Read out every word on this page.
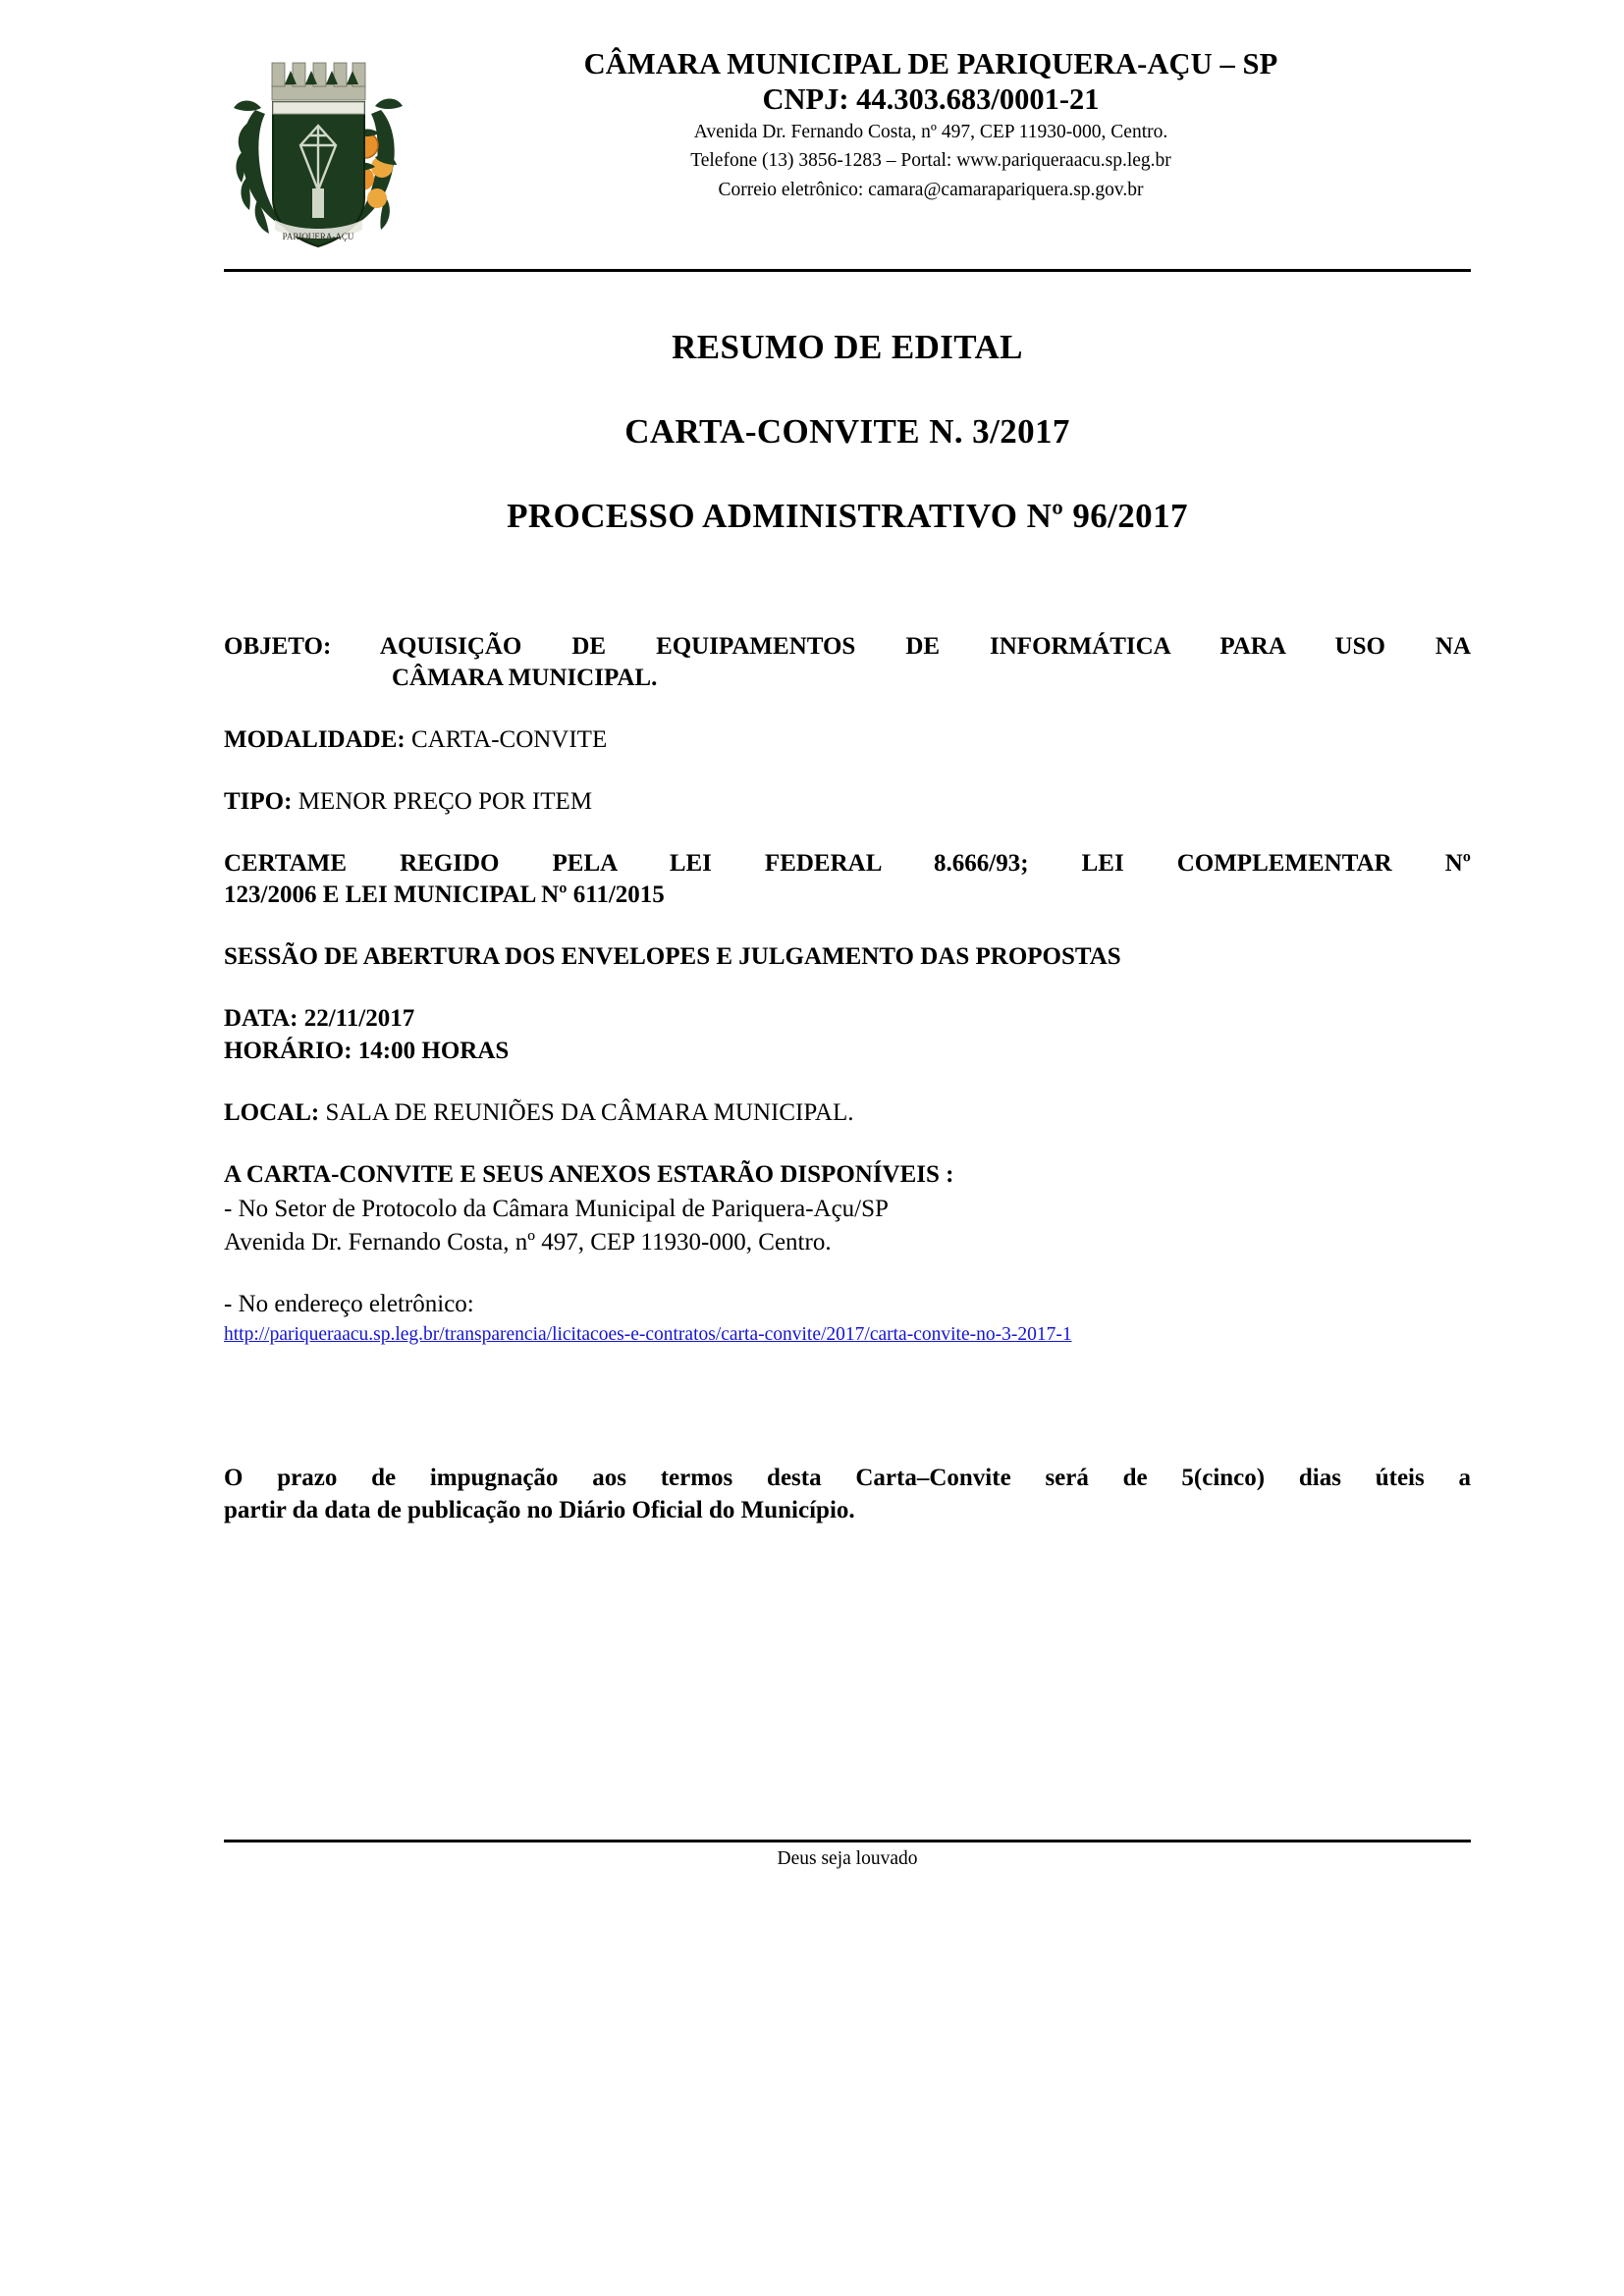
PARIQUERA-AÇU
CÂMARA MUNICIPAL DE PARIQUERA-AÇU – SP
CNPJ: 44.303.683/0001-21
Avenida Dr. Fernando Costa, nº 497, CEP 11930-000, Centro.
Telefone (13) 3856-1283 – Portal: www.pariqueraacu.sp.leg.br
Correio eletrônico: camara@camarapariquera.sp.gov.br
RESUMO DE EDITAL
CARTA-CONVITE N. 3/2017
PROCESSO ADMINISTRATIVO Nº 96/2017
OBJETO: AQUISIÇÃO DE EQUIPAMENTOS DE INFORMÁTICA PARA USO NA
CÂMARA MUNICIPAL.
MODALIDADE: CARTA-CONVITE
TIPO: MENOR PREÇO POR ITEM
CERTAME REGIDO PELA LEI FEDERAL 8.666/93; LEI COMPLEMENTAR Nº
123/2006 E LEI MUNICIPAL Nº 611/2015
SESSÃO DE ABERTURA DOS ENVELOPES E JULGAMENTO DAS PROPOSTAS
DATA: 22/11/2017
HORÁRIO: 14:00 HORAS
LOCAL: SALA DE REUNIÕES DA CÂMARA MUNICIPAL.
A CARTA-CONVITE E SEUS ANEXOS ESTARÃO DISPONÍVEIS :
- No Setor de Protocolo da Câmara Municipal de Pariquera-Açu/SP
Avenida Dr. Fernando Costa, nº 497, CEP 11930-000, Centro.
- No endereço eletrônico:
http://pariqueraacu.sp.leg.br/transparencia/licitacoes-e-contratos/carta-convite/2017/carta-convite-no-3-2017-1
O prazo de impugnação aos termos desta Carta–Convite será de 5(cinco) dias úteis a
partir da data de publicação no Diário Oficial do Município.
Deus seja louvado
